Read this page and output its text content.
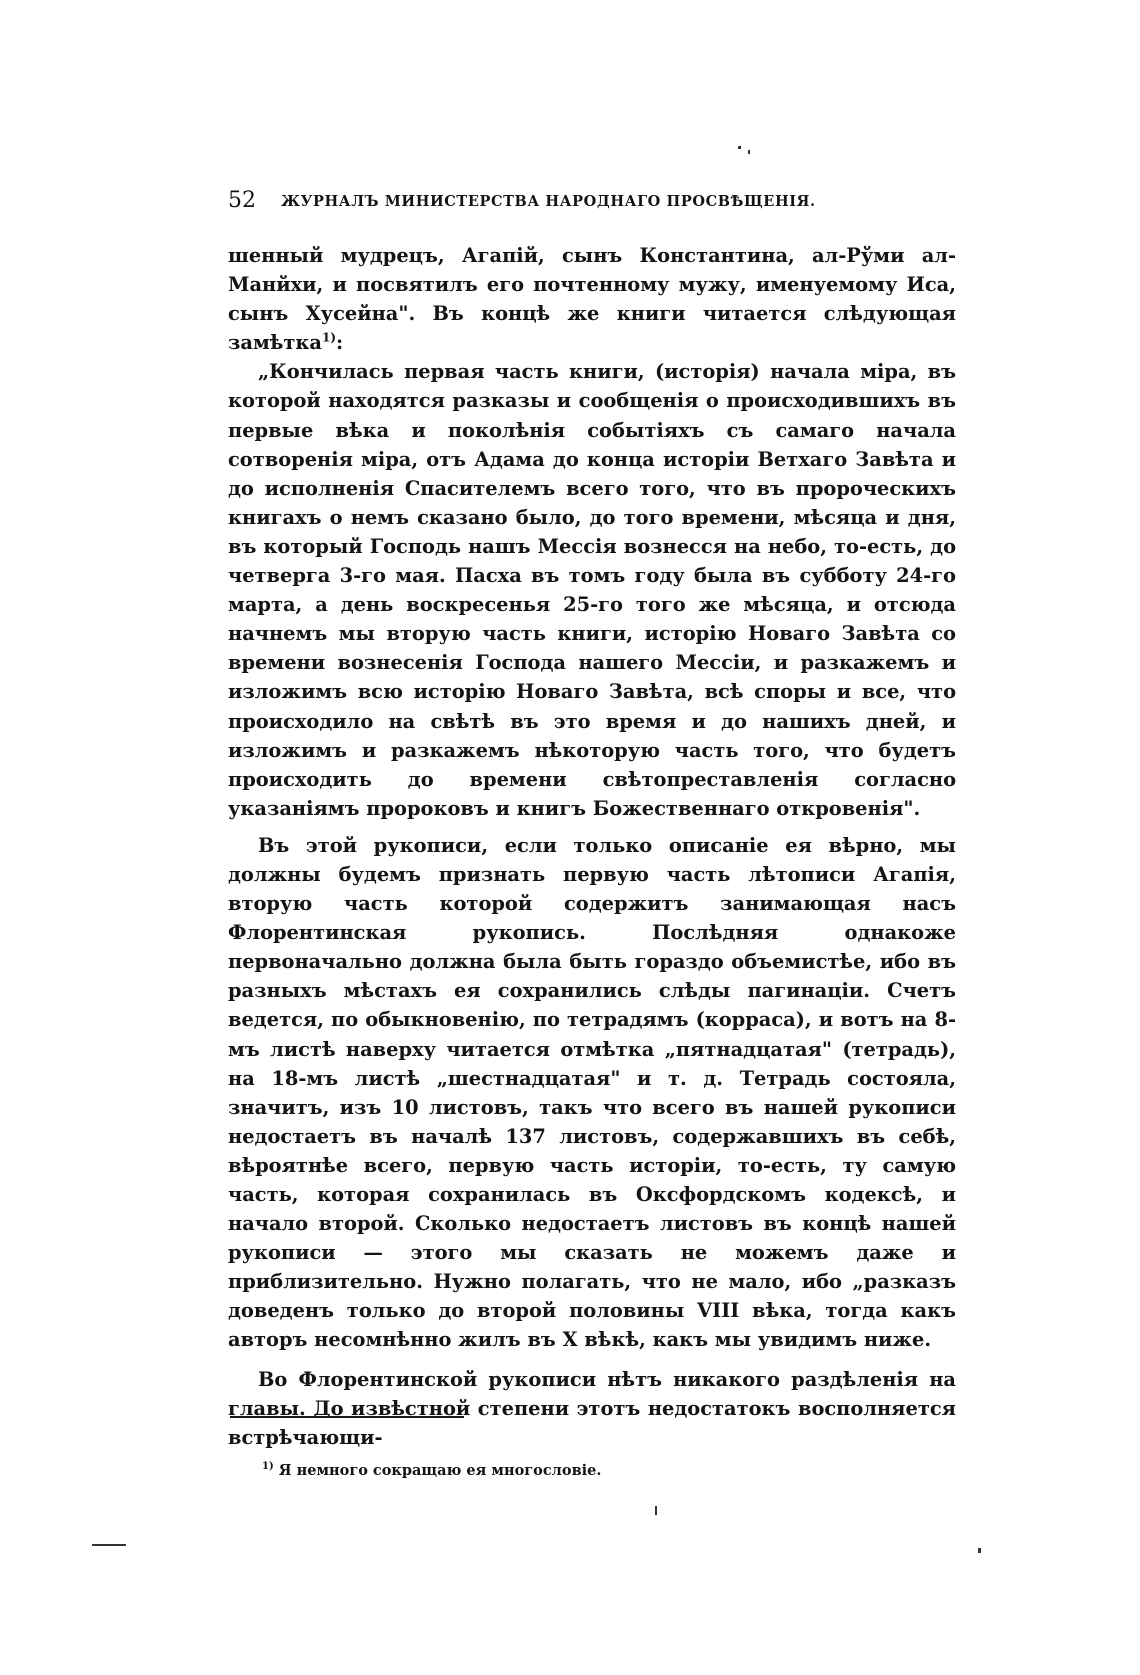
52 ЖУРНАЛЪ МИНИСТЕРСТВА НАРОДНАГО ПРОСВѢЩЕНІЯ.

шенный мудрецъ, Агапій, сынъ Константина, ал-Рўми ал-Манйхи, и посвятилъ его почтенному мужу, именуемому Иса, сынъ Хусейна". Въ концѣ же книги читается слѣдующая замѣтка$^{1)}$:

„Кончилась первая часть книги, (исторія) начала міра, въ которой находятся разказы и сообщенія о происходившихъ въ первые вѣка и поколѣнія событіяхъ съ самаго начала сотворенія міра, отъ Адама до конца исторіи Ветхаго Завѣта и до исполненія Спасителемъ всего того, что въ пророческихъ книгахъ о немъ сказано было, до того времени, мѣсяца и дня, въ который Господь нашъ Мессія вознесся на небо, то-есть, до четверга 3-го мая. Пасха въ томъ году была въ субботу 24-го марта, а день воскресенья 25-го того же мѣсяца, и отсюда начнемъ мы вторую часть книги, исторію Новаго Завѣта со времени вознесенія Господа нашего Мессіи, и разкажемъ и изложимъ всю исторію Новаго Завѣта, всѣ споры и все, что происходило на свѣтѣ въ это время и до нашихъ дней, и изложимъ и разкажемъ нѣкоторую часть того, что будетъ происходить до времени свѣтопреставленія согласно указаніямъ пророковъ и книгъ Божественнаго откровенія".

Въ этой рукописи, если только описаніе ея вѣрно, мы должны будемъ признать первую часть лѣтописи Агапія, вторую часть которой содержитъ занимающая насъ Флорентинская рукопись. Послѣдняя однакоже первоначально должна была быть гораздо объемистѣе, ибо въ разныхъ мѣстахъ ея сохранились слѣды пагинаціи. Счетъ ведется, по обыкновенію, по тетрадямъ (корраса), и вотъ на 8-мъ листѣ наверху читается отмѣтка „пятнадцатая" (тетрадь), на 18-мъ листѣ „шестнадцатая" и т. д. Тетрадь состояла, значитъ, изъ 10 листовъ, такъ что всего въ нашей рукописи недостаетъ въ началѣ 137 листовъ, содержавшихъ въ себѣ, вѣроятнѣе всего, первую часть исторіи, то-есть, ту самую часть, которая сохранилась въ Оксфордскомъ кодексѣ, и начало второй. Сколько недостаетъ листовъ въ концѣ нашей рукописи — этого мы сказать не можемъ даже и приблизительно. Нужно полагать, что не мало, ибо „разказъ доведенъ только до второй половины VIII вѣка, тогда какъ авторъ несомнѣнно жилъ въ X вѣкѣ, какъ мы увидимъ ниже.

Во Флорентинской рукописи нѣтъ никакого раздѣленія на главы. До извѣстной степени этотъ недостатокъ восполняется встрѣчающи-

$^{1)}$ Я немного сокращаю ея многословіе.
